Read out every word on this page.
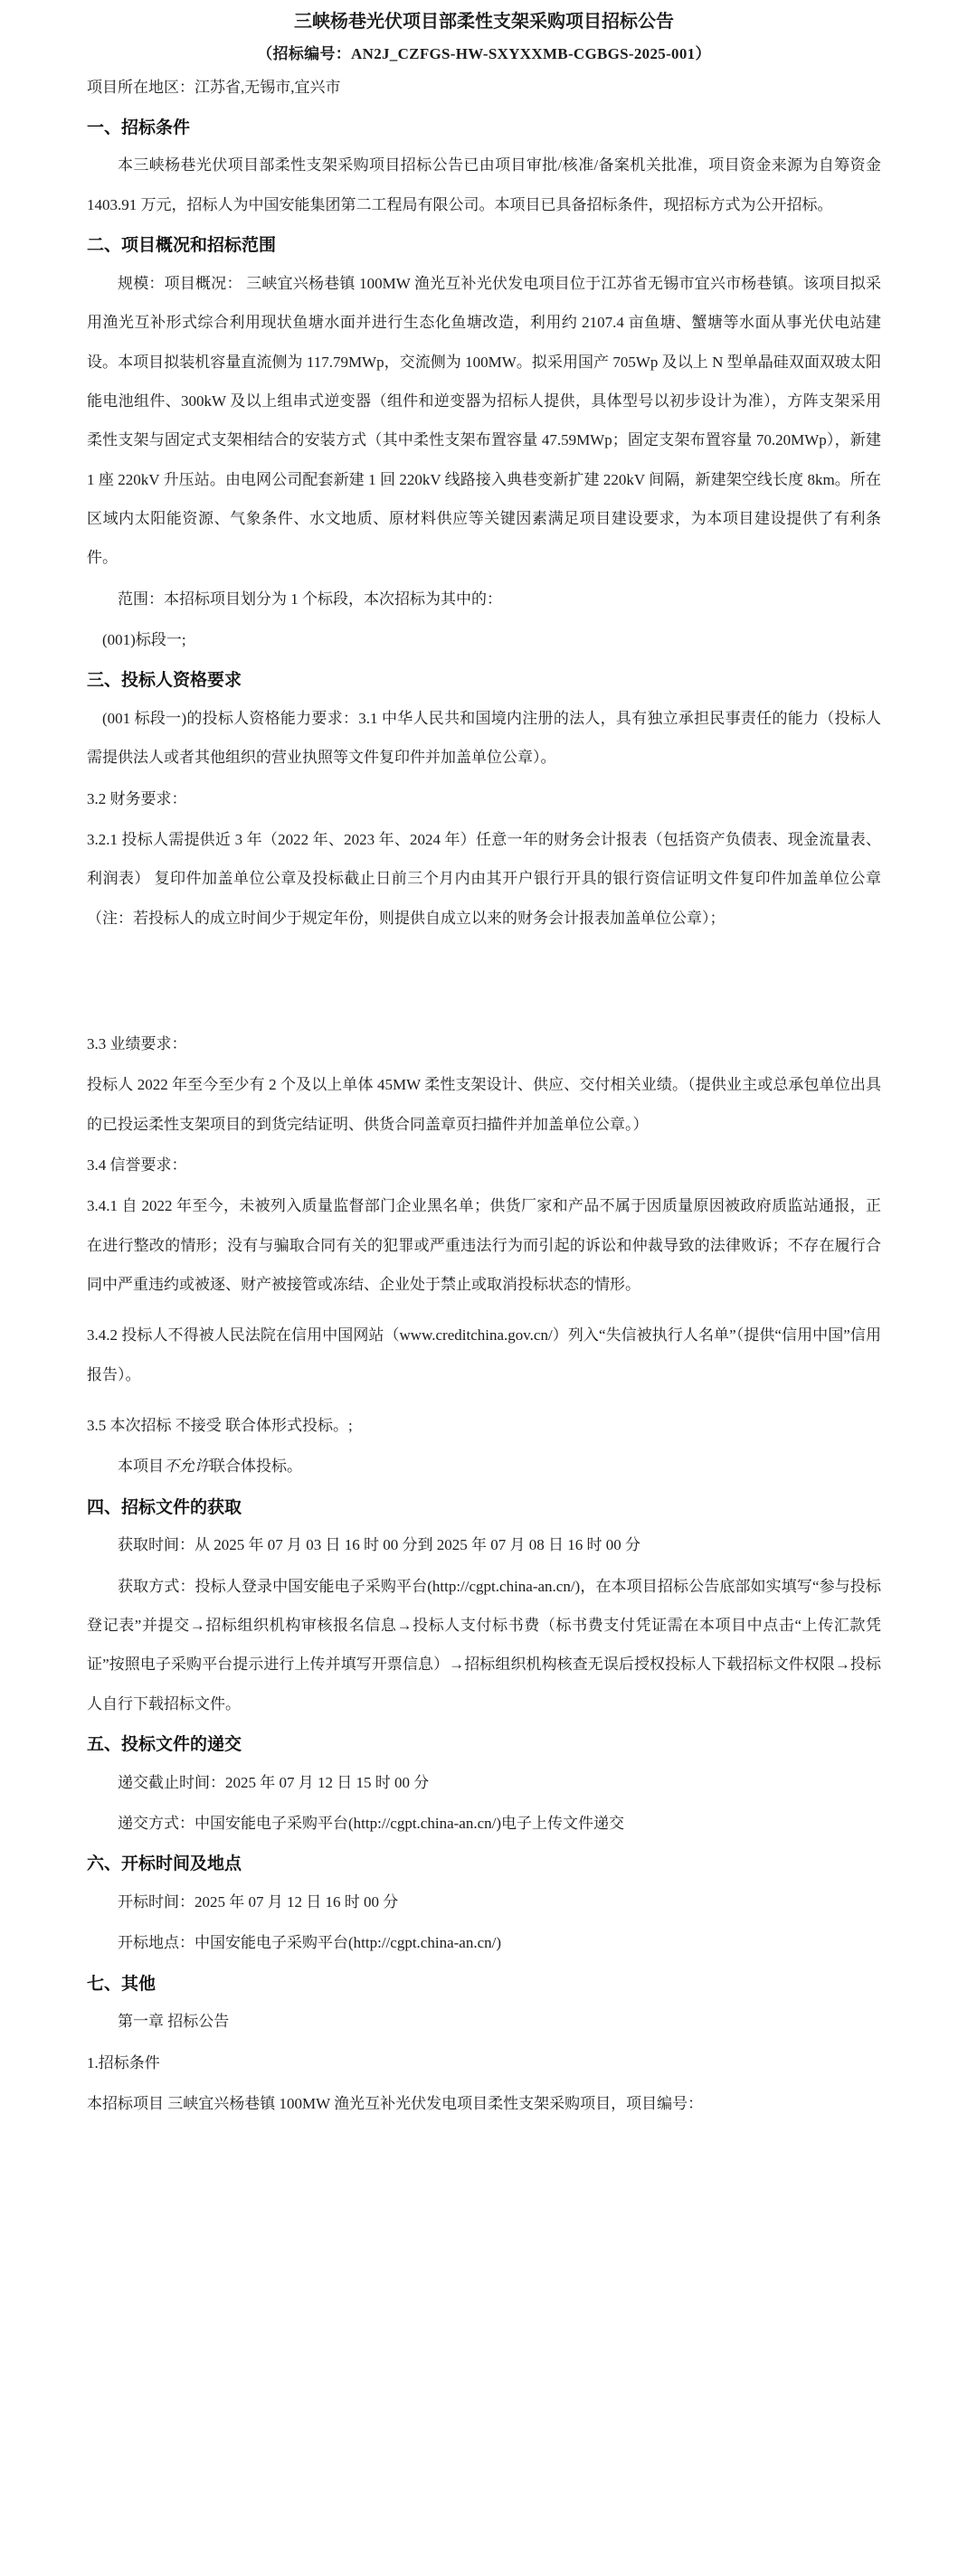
三峡杨巷光伏项目部柔性支架采购项目招标公告
（招标编号：AN2J_CZFGS-HW-SXYXXMB-CGBGS-2025-001）

项目所在地区：江苏省,无锡市,宜兴市

一、招标条件

本三峡杨巷光伏项目部柔性支架采购项目招标公告已由项目审批/核准/备案机关批准，项目资金来源为自筹资金 1403.91 万元，招标人为中国安能集团第二工程局有限公司。本项目已具备招标条件，现招标方式为公开招标。

二、项目概况和招标范围

规模：项目概况： 三峡宜兴杨巷镇 100MW 渔光互补光伏发电项目位于江苏省无锡市宜兴市杨巷镇。该项目拟采用渔光互补形式综合利用现状鱼塘水面并进行生态化鱼塘改造，利用约 2107.4 亩鱼塘、蟹塘等水面从事光伏电站建设。本项目拟装机容量直流侧为 117.79MWp，交流侧为 100MW。拟采用国产 705Wp 及以上 N 型单晶硅双面双玻太阳能电池组件、300kW 及以上组串式逆变器（组件和逆变器为招标人提供，具体型号以初步设计为准），方阵支架采用柔性支架与固定式支架相结合的安装方式（其中柔性支架布置容量 47.59MWp；固定支架布置容量 70.20MWp），新建 1 座 220kV 升压站。由电网公司配套新建 1 回 220kV 线路接入典巷变新扩建 220kV 间隔，新建架空线长度 8km。所在区域内太阳能资源、气象条件、水文地质、原材料供应等关键因素满足项目建设要求，为本项目建设提供了有利条件。

范围：本招标项目划分为 1 个标段，本次招标为其中的：

(001)标段一;

三、投标人资格要求

(001 标段一)的投标人资格能力要求：3.1 中华人民共和国境内注册的法人，具有独立承担民事责任的能力（投标人需提供法人或者其他组织的营业执照等文件复印件并加盖单位公章）。

3.2 财务要求：

3.2.1 投标人需提供近 3 年（2022 年、2023 年、2024 年）任意一年的财务会计报表（包括资产负债表、现金流量表、利润表） 复印件加盖单位公章及投标截止日前三个月内由其开户银行开具的银行资信证明文件复印件加盖单位公章（注：若投标人的成立时间少于规定年份，则提供自成立以来的财务会计报表加盖单位公章）；

3.3 业绩要求：

投标人 2022 年至今至少有 2 个及以上单体 45MW 柔性支架设计、供应、交付相关业绩。（提供业主或总承包单位出具的已投运柔性支架项目的到货完结证明、供货合同盖章页扫描件并加盖单位公章。）

3.4 信誉要求：

3.4.1 自 2022 年至今，未被列入质量监督部门企业黑名单；供货厂家和产品不属于因质量原因被政府质监站通报，正在进行整改的情形；没有与骗取合同有关的犯罪或严重违法行为而引起的诉讼和仲裁导致的法律败诉；不存在履行合同中严重违约或被逐、财产被接管或冻结、企业处于禁止或取消投标状态的情形。

3.4.2 投标人不得被人民法院在信用中国网站（www.creditchina.gov.cn/）列入“失信被执行人名单”（提供“信用中国”信用报告）。

3.5 本次招标 不接受 联合体形式投标。;

本项目不允许联合体投标。

四、招标文件的获取

获取时间：从 2025 年 07 月 03 日 16 时 00 分到 2025 年 07 月 08 日 16 时 00 分

获取方式：投标人登录中国安能电子采购平台(http://cgpt.china-an.cn/)，在本项目招标公告底部如实填写“参与投标登记表”并提交→招标组织机构审核报名信息→投标人支付标书费（标书费支付凭证需在本项目中点击“上传汇款凭证”按照电子采购平台提示进行上传并填写开票信息）→招标组织机构核查无误后授权投标人下载招标文件权限→投标人自行下载招标文件。

五、投标文件的递交

递交截止时间：2025 年 07 月 12 日 15 时 00 分

递交方式：中国安能电子采购平台(http://cgpt.china-an.cn/)电子上传文件递交

六、开标时间及地点

开标时间：2025 年 07 月 12 日 16 时 00 分

开标地点：中国安能电子采购平台(http://cgpt.china-an.cn/)

七、其他

第一章 招标公告

1.招标条件

本招标项目 三峡宜兴杨巷镇 100MW 渔光互补光伏发电项目柔性支架采购项目，项目编号：
